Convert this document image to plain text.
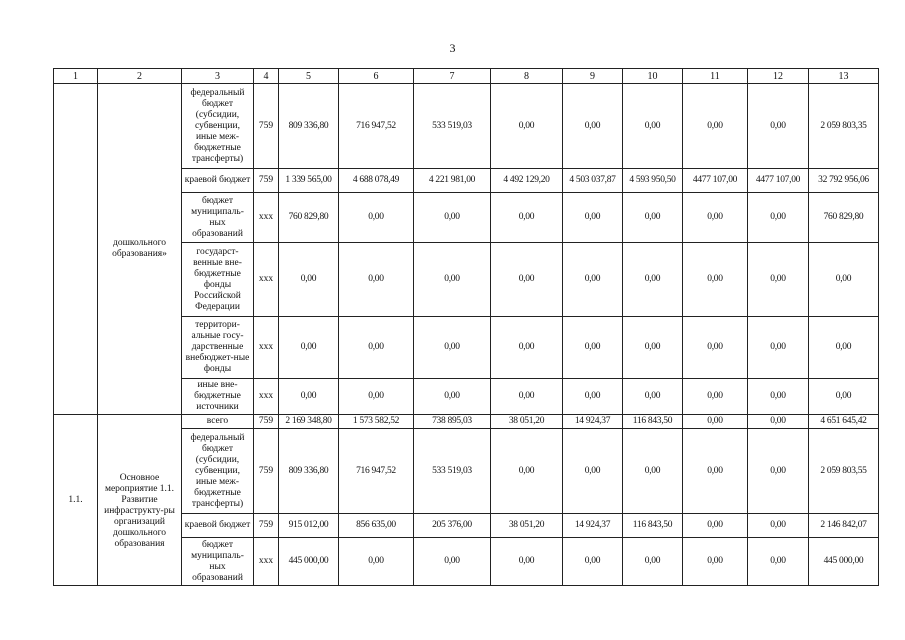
3
1	2	3	4	5	6	7	8	9	10	11	12	13
	дошкольного образования»	федеральный бюджет (субсидии, субвенции, иные меж-бюджетные трансферты)	759	809 336,80	716 947,52	533 519,03	0,00	0,00	0,00	0,00	0,00	2 059 803,35
		краевой бюджет	759	1 339 565,00	4 688 078,49	4 221 981,00	4 492 129,20	4 503 037,87	4 593 950,50	4477 107,00	4477 107,00	32 792 956,06
		бюджет муниципаль-ных образований	ххх	760 829,80	0,00	0,00	0,00	0,00	0,00	0,00	0,00	760 829,80
		государст-венные вне-бюджетные фонды Российской Федерации	ххх	0,00	0,00	0,00	0,00	0,00	0,00	0,00	0,00	0,00
		территори-альные госу-дарственные внебюджет-ные фонды	ххх	0,00	0,00	0,00	0,00	0,00	0,00	0,00	0,00	0,00
		иные вне-бюджетные источники	ххх	0,00	0,00	0,00	0,00	0,00	0,00	0,00	0,00	0,00
1.1.	Основное мероприятие 1.1. Развитие инфраструкту-ры организаций дошкольного образования	всего	759	2 169 348,80	1 573 582,52	738 895,03	38 051,20	14 924,37	116 843,50	0,00	0,00	4 651 645,42
		федеральный бюджет (субсидии, субвенции, иные меж-бюджетные трансферты)	759	809 336,80	716 947,52	533 519,03	0,00	0,00	0,00	0,00	0,00	2 059 803,55
		краевой бюджет	759	915 012,00	856 635,00	205 376,00	38 051,20	14 924,37	116 843,50	0,00	0,00	2 146 842,07
		бюджет муниципаль-ных образований	ххх	445 000,00	0,00	0,00	0,00	0,00	0,00	0,00	0,00	445 000,00
